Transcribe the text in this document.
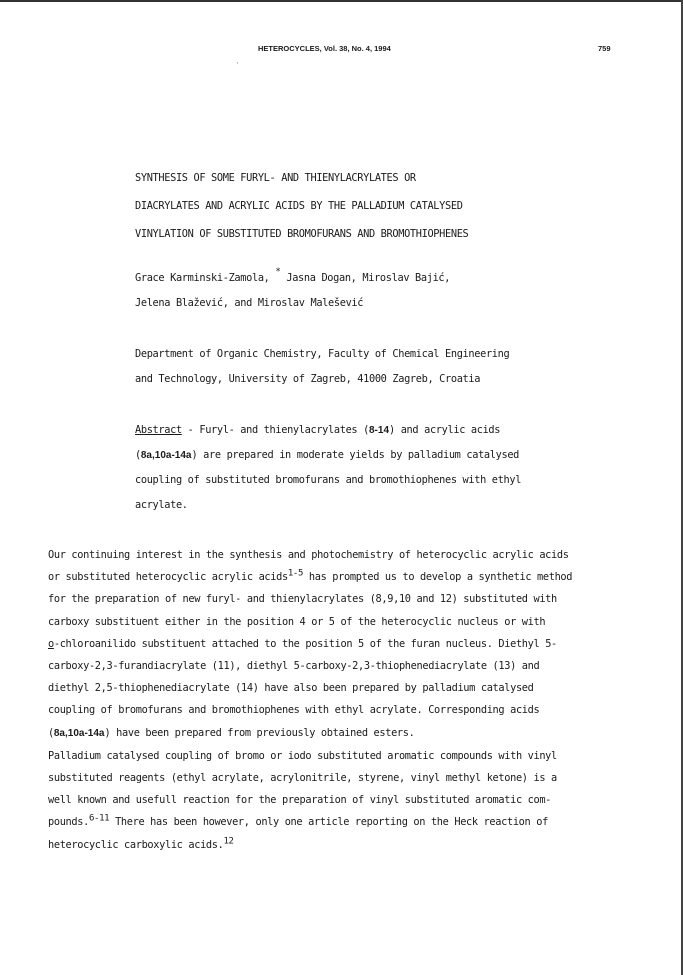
HETEROCYCLES, Vol. 38, No. 4, 1994	759
`
SYNTHESIS OF SOME FURYL- AND THIENYLACRYLATES OR
DIACRYLATES AND ACRYLIC ACIDS BY THE PALLADIUM CATALYSED
VINYLATION OF SUBSTITUTED BROMOFURANS AND BROMOTHIOPHENES
Grace Karminski-Zamola, * Jasna Dogan, Miroslav Bajić,
Jelena Blažević, and Miroslav Malešević
Department of Organic Chemistry, Faculty of Chemical Engineering
and Technology, University of Zagreb, 41000 Zagreb, Croatia
Abstract - Furyl- and thienylacrylates (8-14) and acrylic acids
(8a,10a-14a) are prepared in moderate yields by palladium catalysed
coupling of substituted bromofurans and bromothiophenes with ethyl
acrylate.
Our continuing interest in the synthesis and photochemistry of heterocyclic acrylic acids
or substituted heterocyclic acrylic acids$^{1-5}$ has prompted us to develop a synthetic method
for the preparation of new furyl- and thienylacrylates (8,9,10 and 12) substituted with
carboxy substituent either in the position 4 or 5 of the heterocyclic nucleus or with
o-chloroanilido substituent attached to the position 5 of the furan nucleus. Diethyl 5-
carboxy-2,3-furandiacrylate (11), diethyl 5-carboxy-2,3-thiophenediacrylate (13) and
diethyl 2,5-thiophenediacrylate (14) have also been prepared by palladium catalysed
coupling of bromofurans and bromothiophenes with ethyl acrylate. Corresponding acids
(8a,10a-14a) have been prepared from previously obtained esters.
Palladium catalysed coupling of bromo or iodo substituted aromatic compounds with vinyl
substituted reagents (ethyl acrylate, acrylonitrile, styrene, vinyl methyl ketone) is a
well known and usefull reaction for the preparation of vinyl substituted aromatic com-
pounds.$^{6-11}$ There has been however, only one article reporting on the Heck reaction of
heterocyclic carboxylic acids.$^{12}$
